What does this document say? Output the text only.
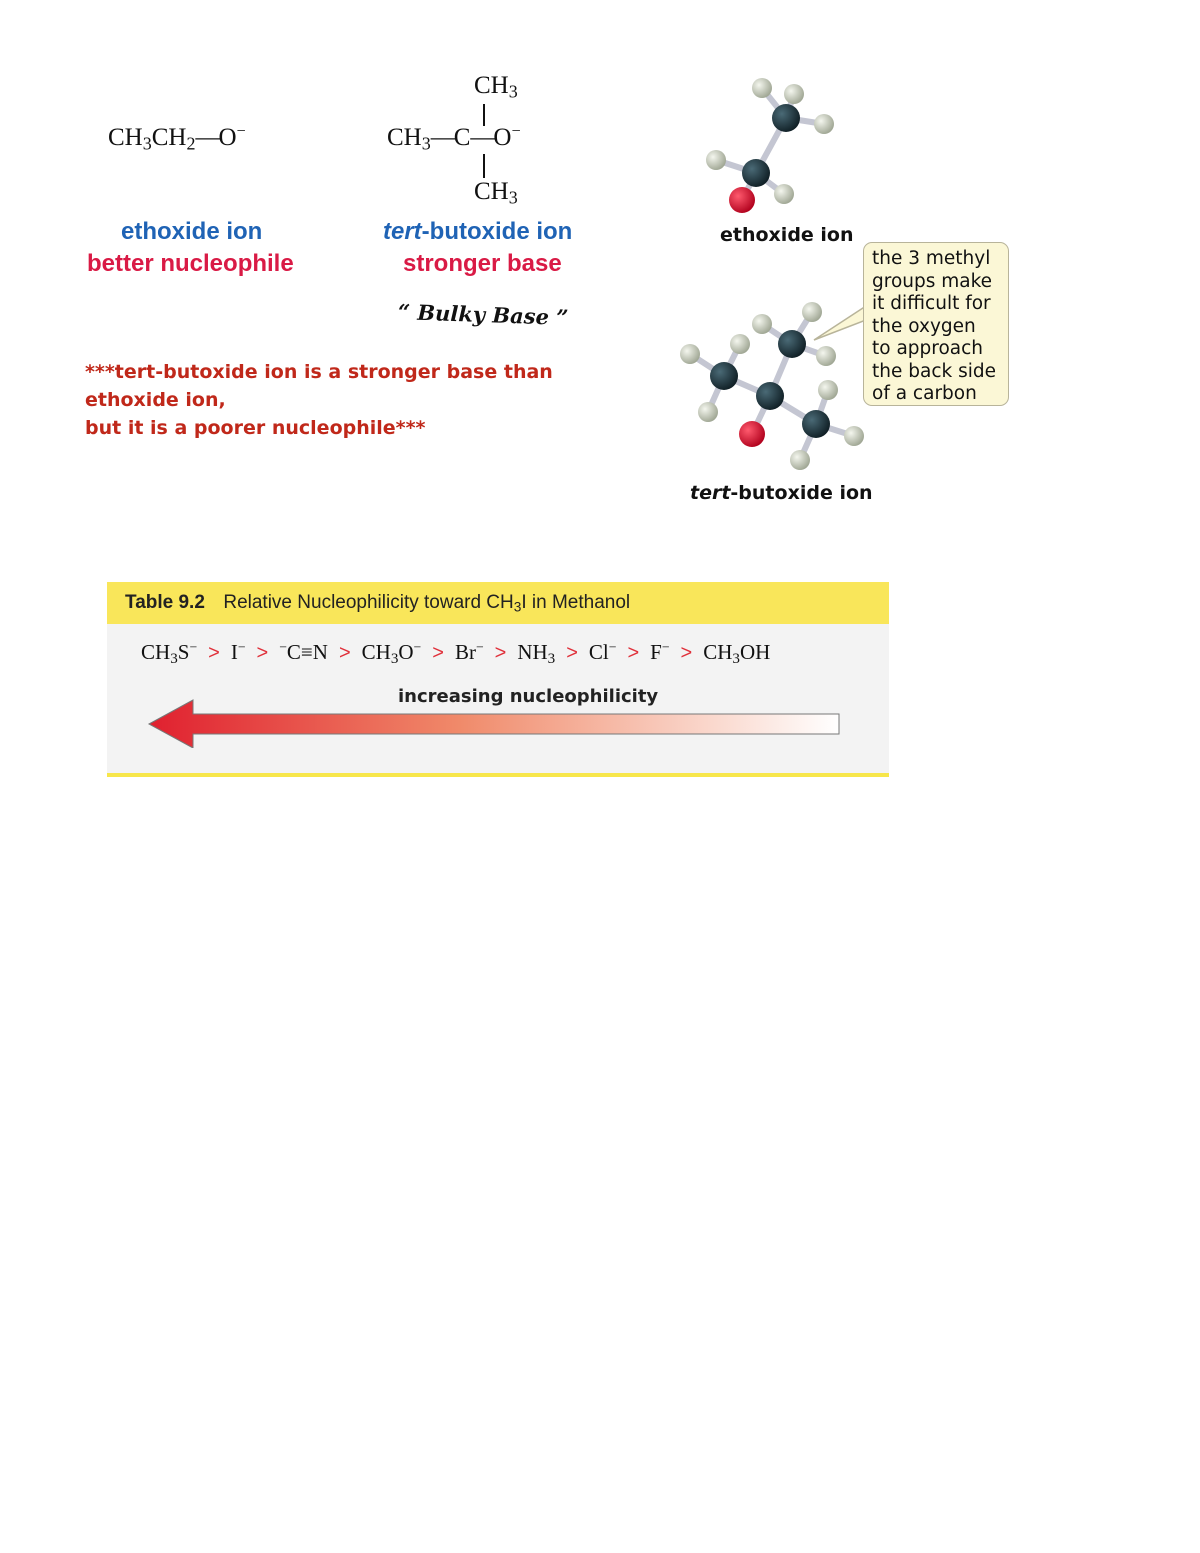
$CH_3CH_2—O^-$
$CH_3$
$CH_3—C—O^-$
$CH_3$
ethoxide ion
better nucleophile
tert-butoxide ion
stronger base
“ Bulky Base ”
***tert-butoxide ion is a stronger base than ethoxide ion,
but it is a poorer nucleophile***
ethoxide ion
the 3 methyl groups make it difficult for the oxygen to approach the back side of a carbon
tert-butoxide ion
Table 9.2 Relative Nucleophilicity toward $CH_3I$ in Methanol
$CH_3S^- > I^- > ^-C\equiv N > CH_3O^- > Br^- > NH_3 > Cl^- > F^- > CH_3OH$
increasing nucleophilicity
